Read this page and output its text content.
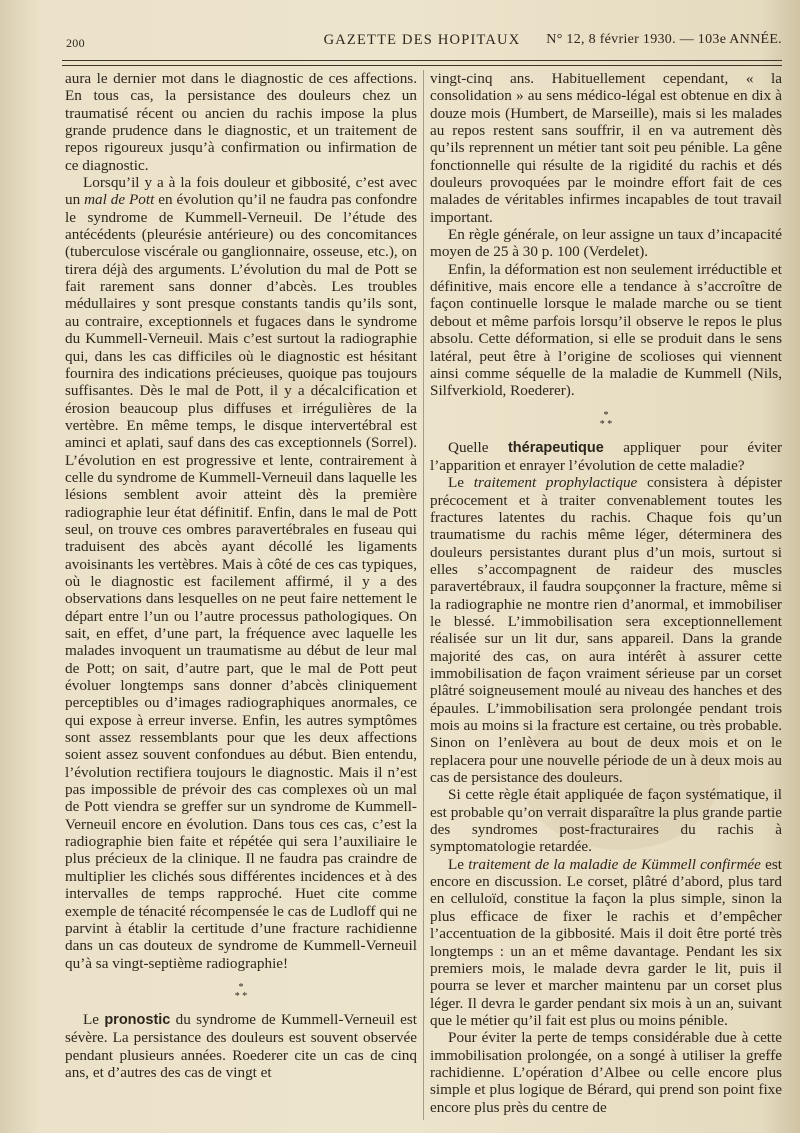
200	GAZETTE DES HOPITAUX	N° 12, 8 février 1930. — 103e ANNÉE.

aura le dernier mot dans le diagnostic de ces affections. En tous cas, la persistance des douleurs chez un traumatisé récent ou ancien du rachis impose la plus grande prudence dans le diagnostic, et un traitement de repos rigoureux jusqu’à confirmation ou infirmation de ce diagnostic.

Lorsqu’il y a à la fois douleur et gibbosité, c’est avec un mal de Pott en évolution qu’il ne faudra pas confondre le syndrome de Kummell-Verneuil. De l’étude des antécédents (pleurésie antérieure) ou des concomitances (tuberculose viscérale ou ganglionnaire, osseuse, etc.), on tirera déjà des arguments. L’évolution du mal de Pott se fait rarement sans donner d’abcès. Les troubles médullaires y sont presque constants tandis qu’ils sont, au contraire, exceptionnels et fugaces dans le syndrome du Kummell-Verneuil. Mais c’est surtout la radiographie qui, dans les cas difficiles où le diagnostic est hésitant fournira des indications précieuses, quoique pas toujours suffisantes. Dès le mal de Pott, il y a décalcification et érosion beaucoup plus diffuses et irrégulières de la vertèbre. En même temps, le disque intervertébral est aminci et aplati, sauf dans des cas exceptionnels (Sorrel). L’évolution en est progressive et lente, contrairement à celle du syndrome de Kummell-Verneuil dans laquelle les lésions semblent avoir atteint dès la première radiographie leur état définitif. Enfin, dans le mal de Pott seul, on trouve ces ombres paravertébrales en fuseau qui traduisent des abcès ayant décollé les ligaments avoisinants les vertèbres. Mais à côté de ces cas typiques, où le diagnostic est facilement affirmé, il y a des observations dans lesquelles on ne peut faire nettement le départ entre l’un ou l’autre processus pathologiques. On sait, en effet, d’une part, la fréquence avec laquelle les malades invoquent un traumatisme au début de leur mal de Pott; on sait, d’autre part, que le mal de Pott peut évoluer longtemps sans donner d’abcès cliniquement perceptibles ou d’images radiographiques anormales, ce qui expose à erreur inverse. Enfin, les autres symptômes sont assez ressemblants pour que les deux affections soient assez souvent confondues au début. Bien entendu, l’évolution rectifiera toujours le diagnostic. Mais il n’est pas impossible de prévoir des cas complexes où un mal de Pott viendra se greffer sur un syndrome de Kummell-Verneuil encore en évolution. Dans tous ces cas, c’est la radiographie bien faite et répétée qui sera l’auxiliaire le plus précieux de la clinique. Il ne faudra pas craindre de multiplier les clichés sous différentes incidences et à des intervalles de temps rapproché. Huet cite comme exemple de ténacité récompensée le cas de Ludloff qui ne parvint à établir la certitude d’une fracture rachidienne dans un cas douteux de syndrome de Kummell-Verneuil qu’à sa vingt-septième radiographie!

*
* *

Le pronostic du syndrome de Kummell-Verneuil est sévère. La persistance des douleurs est souvent observée pendant plusieurs années. Roederer cite un cas de cinq ans, et d’autres des cas de vingt et

vingt-cinq ans. Habituellement cependant, « la consolidation » au sens médico-légal est obtenue en dix à douze mois (Humbert, de Marseille), mais si les malades au repos restent sans souffrir, il en va autrement dès qu’ils reprennent un métier tant soit peu pénible. La gêne fonctionnelle qui résulte de la rigidité du rachis et dés douleurs provoquées par le moindre effort fait de ces malades de véritables infirmes incapables de tout travail important.

En règle générale, on leur assigne un taux d’incapacité moyen de 25 à 30 p. 100 (Verdelet).

Enfin, la déformation est non seulement irréductible et définitive, mais encore elle a tendance à s’accroître de façon continuelle lorsque le malade marche ou se tient debout et même parfois lorsqu’il observe le repos le plus absolu. Cette déformation, si elle se produit dans le sens latéral, peut être à l’origine de scolioses qui viennent ainsi comme séquelle de la maladie de Kummell (Nils, Silfverkiold, Roederer).

*
* *

Quelle thérapeutique appliquer pour éviter l’apparition et enrayer l’évolution de cette maladie?

Le traitement prophylactique consistera à dépister précocement et à traiter convenablement toutes les fractures latentes du rachis. Chaque fois qu’un traumatisme du rachis même léger, déterminera des douleurs persistantes durant plus d’un mois, surtout si elles s’accompagnent de raideur des muscles paravertébraux, il faudra soupçonner la fracture, même si la radiographie ne montre rien d’anormal, et immobiliser le blessé. L’immobilisation sera exceptionnellement réalisée sur un lit dur, sans appareil. Dans la grande majorité des cas, on aura intérêt à assurer cette immobilisation de façon vraiment sérieuse par un corset plâtré soigneusement moulé au niveau des hanches et des épaules. L’immobilisation sera prolongée pendant trois mois au moins si la fracture est certaine, ou très probable. Sinon on l’enlèvera au bout de deux mois et on le replacera pour une nouvelle période de un à deux mois au cas de persistance des douleurs.

Si cette règle était appliquée de façon systématique, il est probable qu’on verrait disparaître la plus grande partie des syndromes post-fracturaires du rachis à symptomatologie retardée.

Le traitement de la maladie de Kümmell confirmée est encore en discussion. Le corset, plâtré d’abord, plus tard en celluloïd, constitue la façon la plus simple, sinon la plus efficace de fixer le rachis et d’empêcher l’accentuation de la gibbosité. Mais il doit être porté très longtemps : un an et même davantage. Pendant les six premiers mois, le malade devra garder le lit, puis il pourra se lever et marcher maintenu par un corset plus léger. Il devra le garder pendant six mois à un an, suivant que le métier qu’il fait est plus ou moins pénible.

Pour éviter la perte de temps considérable due à cette immobilisation prolongée, on a songé à utiliser la greffe rachidienne. L’opération d’Albee ou celle encore plus simple et plus logique de Bérard, qui prend son point fixe encore plus près du centre de
